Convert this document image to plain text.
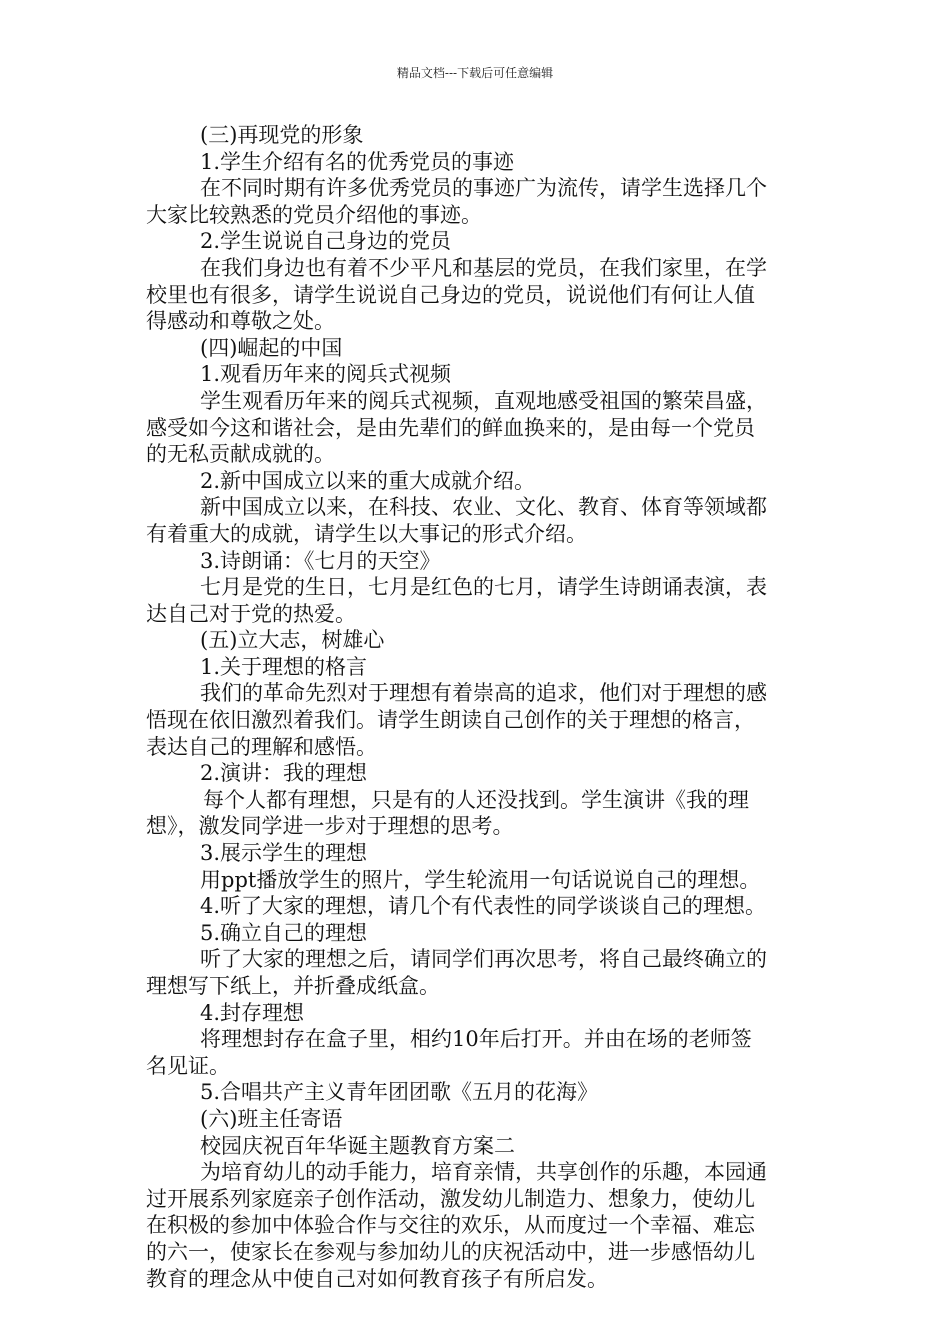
精品文档---下载后可任意编辑
(三)再现党的形象
1.学生介绍有名的优秀党员的事迹
在不同时期有许多优秀党员的事迹广为流传，请学生选择几个
大家比较熟悉的党员介绍他的事迹。
2.学生说说自己身边的党员
在我们身边也有着不少平凡和基层的党员，在我们家里，在学
校里也有很多，请学生说说自己身边的党员，说说他们有何让人值
得感动和尊敬之处。
(四)崛起的中国
1.观看历年来的阅兵式视频
学生观看历年来的阅兵式视频，直观地感受祖国的繁荣昌盛，
感受如今这和谐社会，是由先辈们的鲜血换来的，是由每一个党员
的无私贡献成就的。
2.新中国成立以来的重大成就介绍。
新中国成立以来，在科技、农业、文化、教育、体育等领域都
有着重大的成就，请学生以大事记的形式介绍。
3.诗朗诵：《七月的天空》
七月是党的生日，七月是红色的七月，请学生诗朗诵表演，表
达自己对于党的热爱。
(五)立大志，树雄心
1.关于理想的格言
我们的革命先烈对于理想有着崇高的追求，他们对于理想的感
悟现在依旧激烈着我们。请学生朗读自己创作的关于理想的格言，
表达自己的理解和感悟。
2.演讲：我的理想
每个人都有理想，只是有的人还没找到。学生演讲《我的理
想》，激发同学进一步对于理想的思考。
3.展示学生的理想
用ppt播放学生的照片，学生轮流用一句话说说自己的理想。
4.听了大家的理想，请几个有代表性的同学谈谈自己的理想。
5.确立自己的理想
听了大家的理想之后，请同学们再次思考，将自己最终确立的
理想写下纸上，并折叠成纸盒。
4.封存理想
将理想封存在盒子里，相约10年后打开。并由在场的老师签
名见证。
5.合唱共产主义青年团团歌《五月的花海》
(六)班主任寄语
校园庆祝百年华诞主题教育方案二
为培育幼儿的动手能力，培育亲情，共享创作的乐趣，本园通
过开展系列家庭亲子创作活动，激发幼儿制造力、想象力，使幼儿
在积极的参加中体验合作与交往的欢乐，从而度过一个幸福、难忘
的六一，使家长在参观与参加幼儿的庆祝活动中，进一步感悟幼儿
教育的理念从中使自己对如何教育孩子有所启发。
